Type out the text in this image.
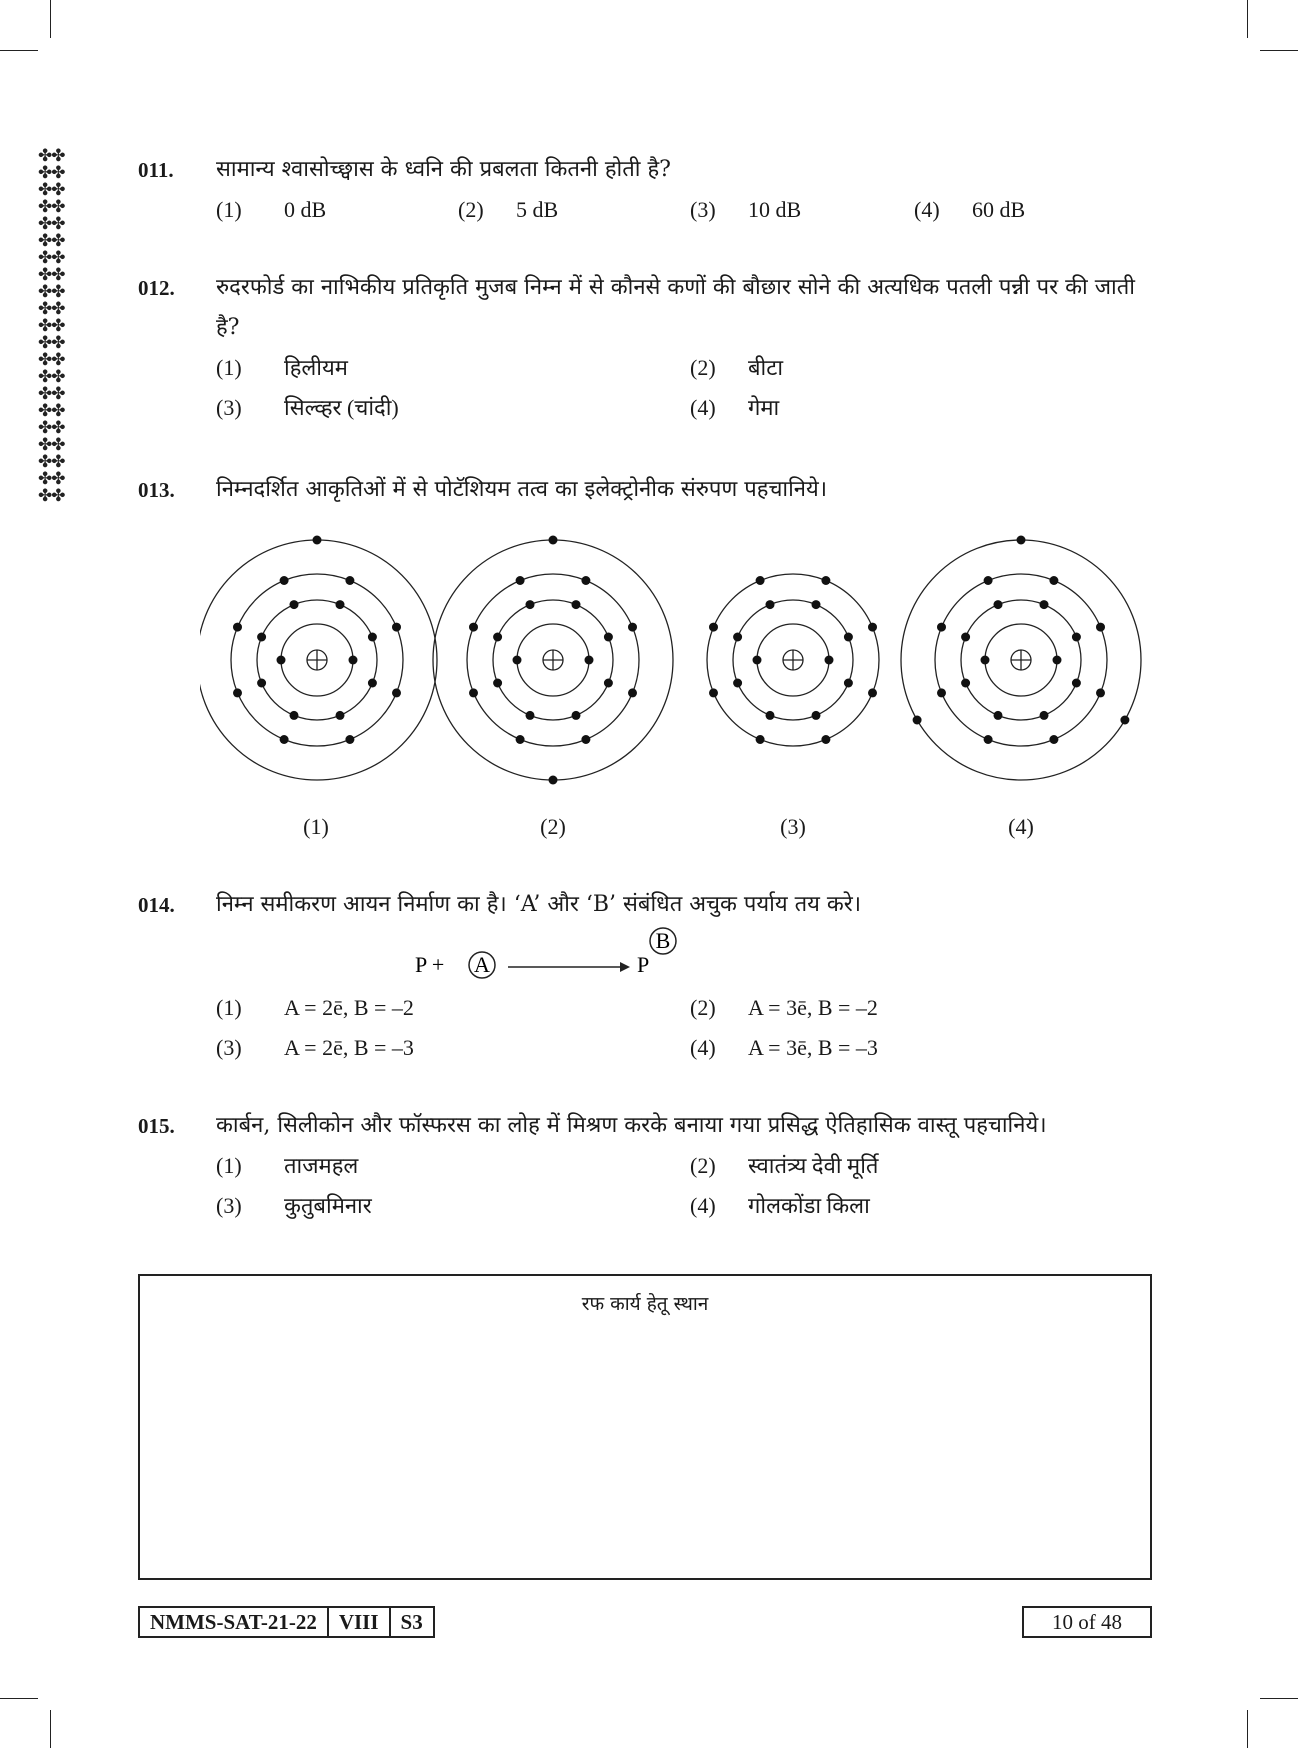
✤✤
✤✤
✤✤
✤✤
✤✤
✤✤
✤✤
✤✤
✤✤
✤✤
✤✤
✤✤
✤✤
✤✤
✤✤
✤✤
✤✤
✤✤
✤✤
✤✤
✤✤
011. सामान्य श्वासोच्छ्वास के ध्वनि की प्रबलता कितनी होती है?
(1) 0 dB	(2) 5 dB	(3) 10 dB	(4) 60 dB
012. रुदरफोर्ड का नाभिकीय प्रतिकृति मुजब निम्न में से कौनसे कणों की बौछार सोने की अत्यधिक पतली पन्नी पर की जाती है?
(1) हिलीयम	(2) बीटा
(3) सिल्व्हर (चांदी)	(4) गेमा
013. निम्नदर्शित आकृतिओं में से पोटॅशियम तत्व का इलेक्ट्रोनीक संरुपण पहचानिये।
(1)	(2)	(3)	(4)
014. निम्न समीकरण आयन निर्माण का है। ‘A’ और ‘B’ संबंधित अचुक पर्याय तय करे।
P + A	P
B
(1) A = 2ē, B = –2	(2) A = 3ē, B = –2
(3) A = 2ē, B = –3	(4) A = 3ē, B = –3
015. कार्बन, सिलीकोन और फॉस्फरस का लोह में मिश्रण करके बनाया गया प्रसिद्ध ऐतिहासिक वास्तू पहचानिये।
(1) ताजमहल	(2) स्वातंत्र्य देवी मूर्ति
(3) कुतुबमिनार	(4) गोलकोंडा किला
रफ कार्य हेतू स्थान
NMMS-SAT-21-22	VIII	S3	10 of 48
